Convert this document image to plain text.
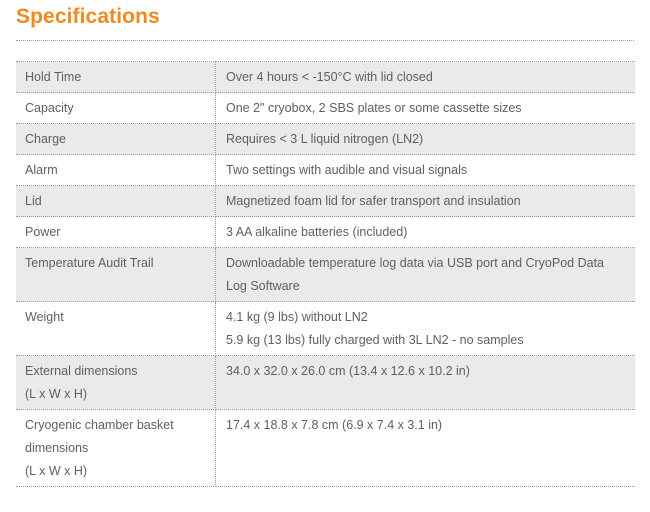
Specifications
Hold Time	Over 4 hours < -150°C with lid closed

Capacity	One 2" cryobox, 2 SBS plates or some cassette sizes

Charge	Requires < 3 L liquid nitrogen (LN2)

Alarm	Two settings with audible and visual signals

Lid	Magnetized foam lid for safer transport and insulation

Power	3 AA alkaline batteries (included)

Temperature Audit Trail	Downloadable temperature log data via USB port and CryoPod Data
Log Software

Weight	4.1 kg (9 lbs) without LN2
5.9 kg (13 lbs) fully charged with 3L LN2 - no samples

External dimensions
(L x W x H)	34.0 x 32.0 x 26.0 cm (13.4 x 12.6 x 10.2 in)

Cryogenic chamber basket
dimensions
(L x W x H)	17.4 x 18.8 x 7.8 cm (6.9 x 7.4 x 3.1 in)
